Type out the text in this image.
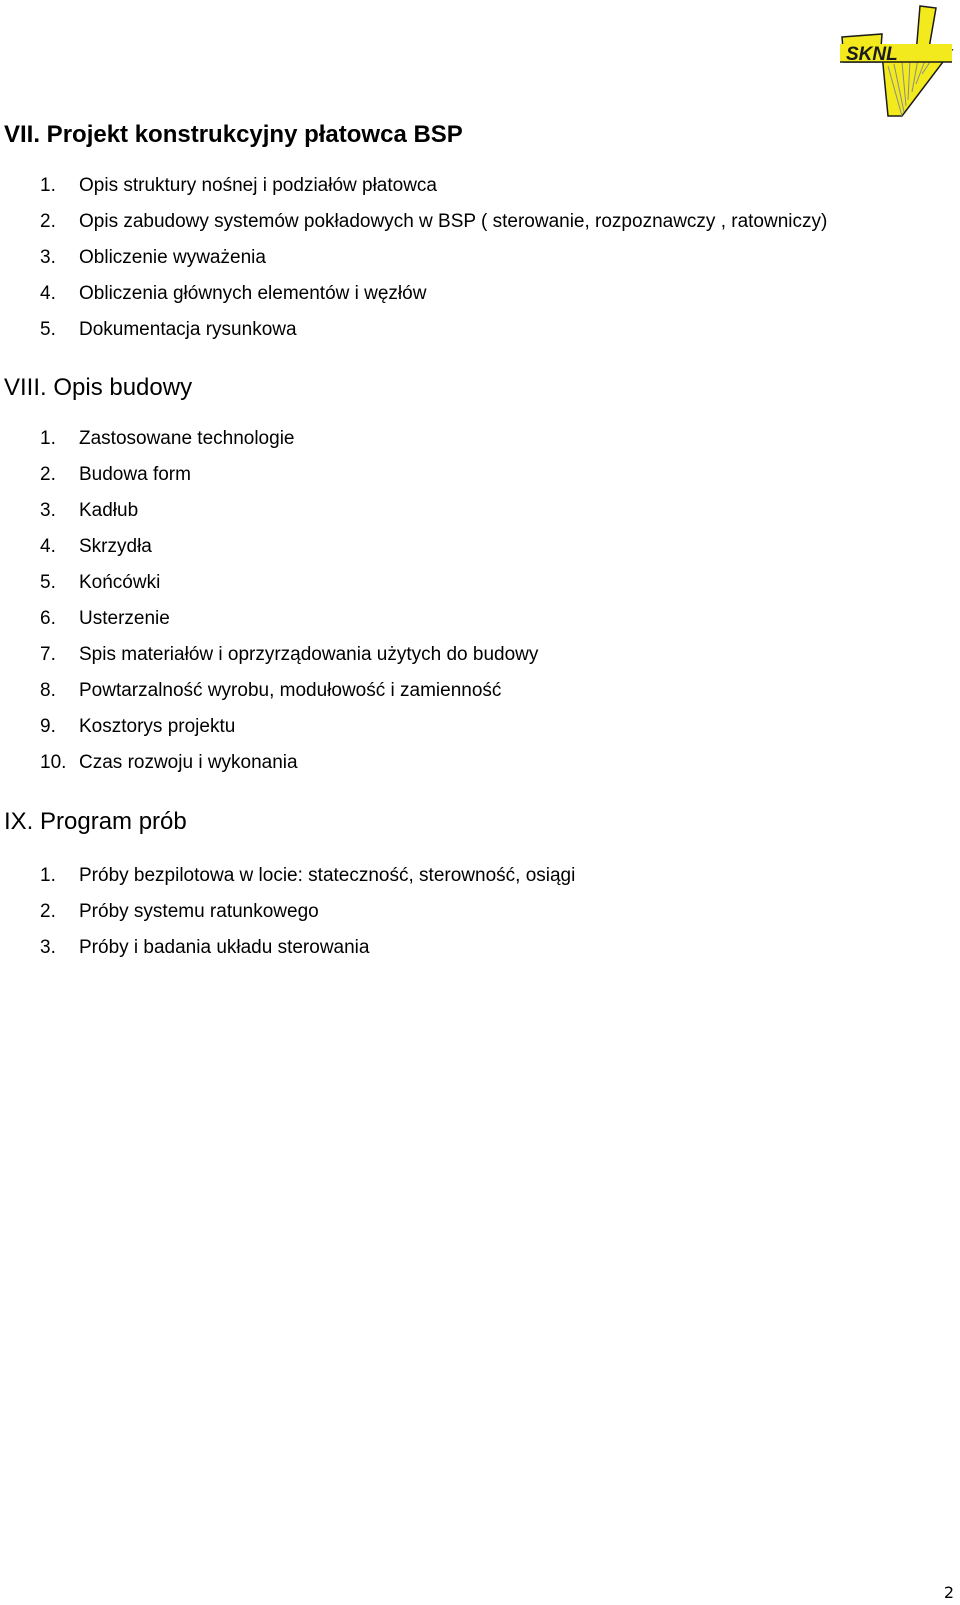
SKNL
VII. Projekt konstrukcyjny płatowca BSP
1. Opis struktury nośnej i podziałów płatowca
2. Opis zabudowy systemów pokładowych w BSP ( sterowanie, rozpoznawczy , ratowniczy)
3. Obliczenie wyważenia
4. Obliczenia głównych elementów i węzłów
5. Dokumentacja rysunkowa
VIII. Opis budowy
1. Zastosowane technologie
2. Budowa form
3. Kadłub
4. Skrzydła
5. Końcówki
6. Usterzenie
7. Spis materiałów i oprzyrządowania użytych do budowy
8. Powtarzalność wyrobu, modułowość i zamienność
9. Kosztorys projektu
10. Czas rozwoju i wykonania
IX. Program prób
1. Próby bezpilotowa w locie: stateczność, sterowność, osiągi
2. Próby systemu ratunkowego
3. Próby i badania układu sterowania
2
